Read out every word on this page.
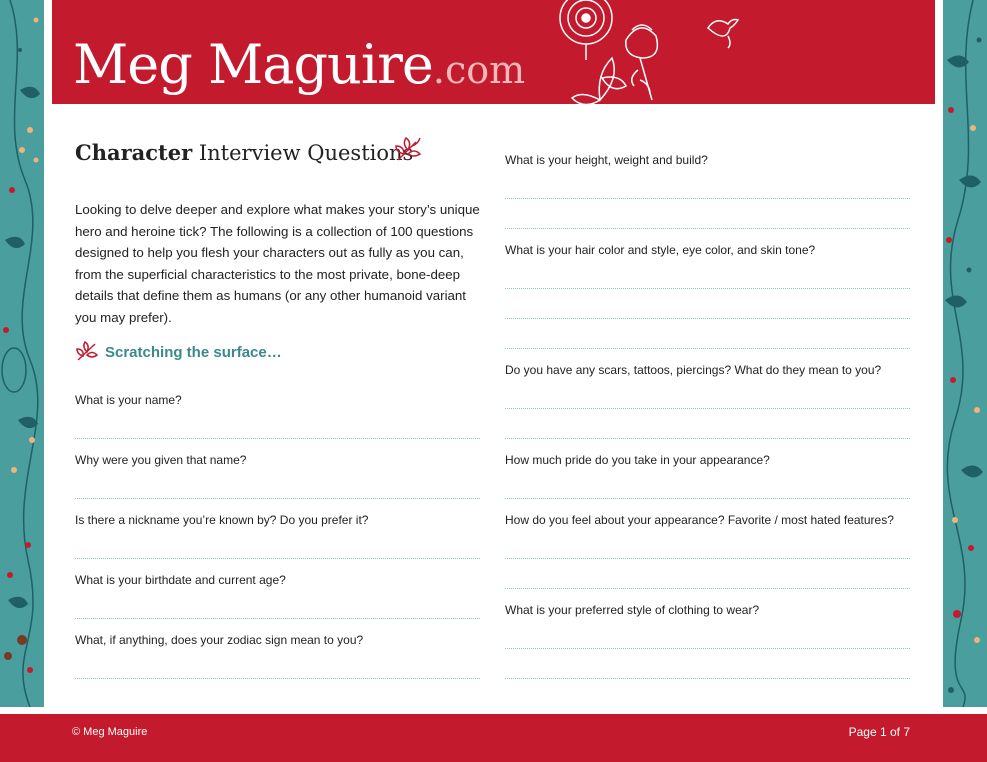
Meg Maguire.com
Character Interview Questions

Looking to delve deeper and explore what makes your story’s unique hero and heroine tick? The following is a collection of 100 questions designed to help you flesh your characters out as fully as you can, from the superficial characteristics to the most private, bone-deep details that define them as humans (or any other humanoid variant you may prefer).

Scratching the surface…
What is your name?
Why were you given that name?
Is there a nickname you’re known by? Do you prefer it?
What is your birthdate and current age?
What, if anything, does your zodiac sign mean to you?
What is your height, weight and build?
What is your hair color and style, eye color, and skin tone?
Do you have any scars, tattoos, piercings? What do they mean to you?
How much pride do you take in your appearance?
How do you feel about your appearance? Favorite / most hated features?
What is your preferred style of clothing to wear?
© Meg Maguire	Page 1 of 7
